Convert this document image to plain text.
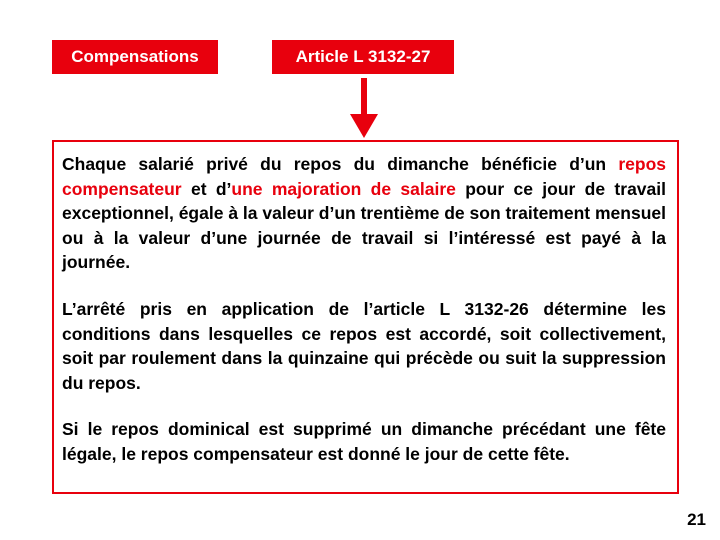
Compensations	Article L 3132-27

Chaque salarié privé du repos du dimanche bénéficie d’un repos compensateur et d’une majoration de salaire pour ce jour de travail exceptionnel, égale à la valeur d’un trentième de son traitement mensuel ou à la valeur d’une journée de travail si l’intéressé est payé à la journée.

L’arrêté pris en application de l’article L 3132-26 détermine les conditions dans lesquelles ce repos est accordé, soit collectivement, soit par roulement dans la quinzaine qui précède ou suit la suppression du repos.

Si le repos dominical est supprimé un dimanche précédant une fête légale, le repos compensateur est donné le jour de cette fête.

21
